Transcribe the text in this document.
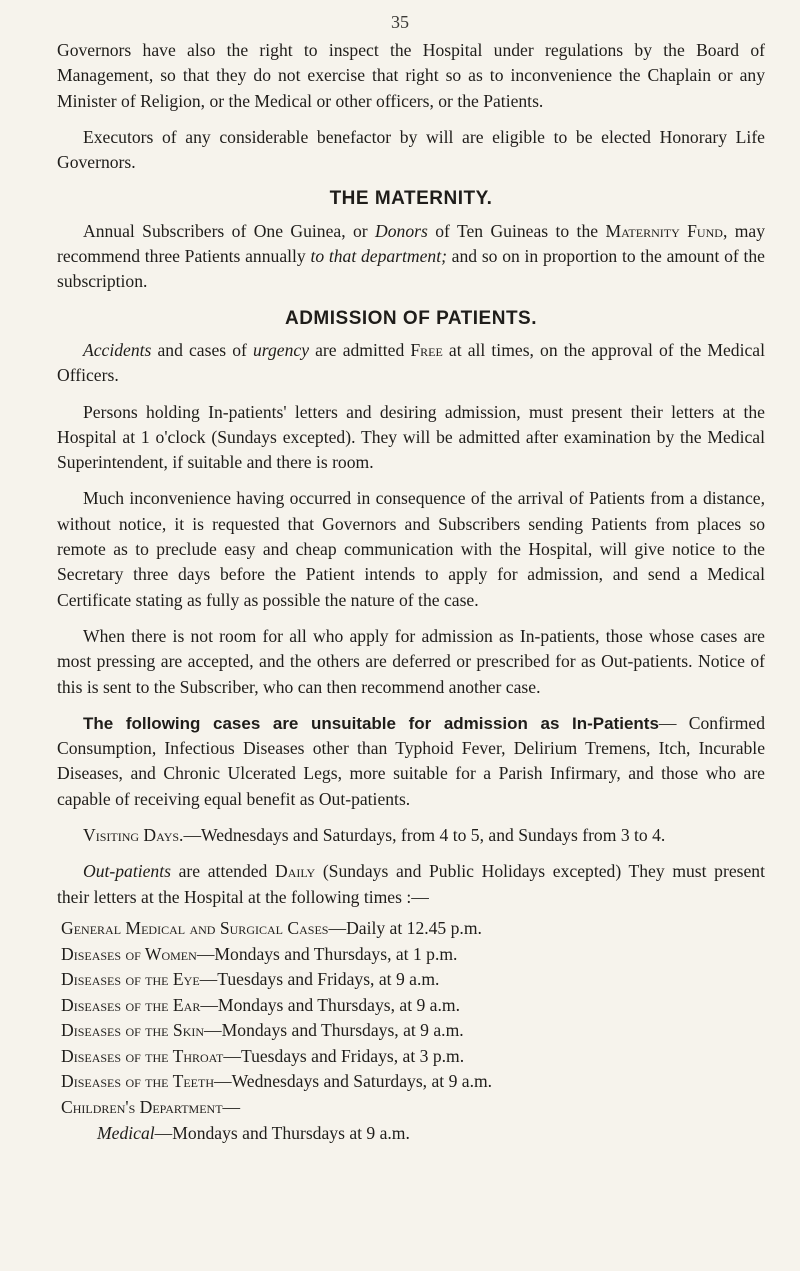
35

Governors have also the right to inspect the Hospital under regulations by the Board of Management, so that they do not exercise that right so as to inconvenience the Chaplain or any Minister of Religion, or the Medical or other officers, or the Patients.

Executors of any considerable benefactor by will are eligible to be elected Honorary Life Governors.

THE MATERNITY.

Annual Subscribers of One Guinea, or Donors of Ten Guineas to the Maternity Fund, may recommend three Patients annually to that department; and so on in proportion to the amount of the subscription.

ADMISSION OF PATIENTS.

Accidents and cases of urgency are admitted Free at all times, on the approval of the Medical Officers.

Persons holding In-patients' letters and desiring admission, must present their letters at the Hospital at 1 o'clock (Sundays excepted). They will be admitted after examination by the Medical Superintendent, if suitable and there is room.

Much inconvenience having occurred in consequence of the arrival of Patients from a distance, without notice, it is requested that Governors and Subscribers sending Patients from places so remote as to preclude easy and cheap communication with the Hospital, will give notice to the Secretary three days before the Patient intends to apply for admission, and send a Medical Certificate stating as fully as possible the nature of the case.

When there is not room for all who apply for admission as In-patients, those whose cases are most pressing are accepted, and the others are deferred or prescribed for as Out-patients. Notice of this is sent to the Subscriber, who can then recommend another case.

The following cases are unsuitable for admission as In-Patients— Confirmed Consumption, Infectious Diseases other than Typhoid Fever, Delirium Tremens, Itch, Incurable Diseases, and Chronic Ulcerated Legs, more suitable for a Parish Infirmary, and those who are capable of receiving equal benefit as Out-patients.

Visiting Days.—Wednesdays and Saturdays, from 4 to 5, and Sundays from 3 to 4.

Out-patients are attended Daily (Sundays and Public Holidays excepted) They must present their letters at the Hospital at the following times :—

General Medical and Surgical Cases—Daily at 12.45 p.m.
Diseases of Women—Mondays and Thursdays, at 1 p.m.
Diseases of the Eye—Tuesdays and Fridays, at 9 a.m.
Diseases of the Ear—Mondays and Thursdays, at 9 a.m.
Diseases of the Skin—Mondays and Thursdays, at 9 a.m.
Diseases of the Throat—Tuesdays and Fridays, at 3 p.m.
Diseases of the Teeth—Wednesdays and Saturdays, at 9 a.m.
Children's Department—
Medical—Mondays and Thursdays at 9 a.m.
